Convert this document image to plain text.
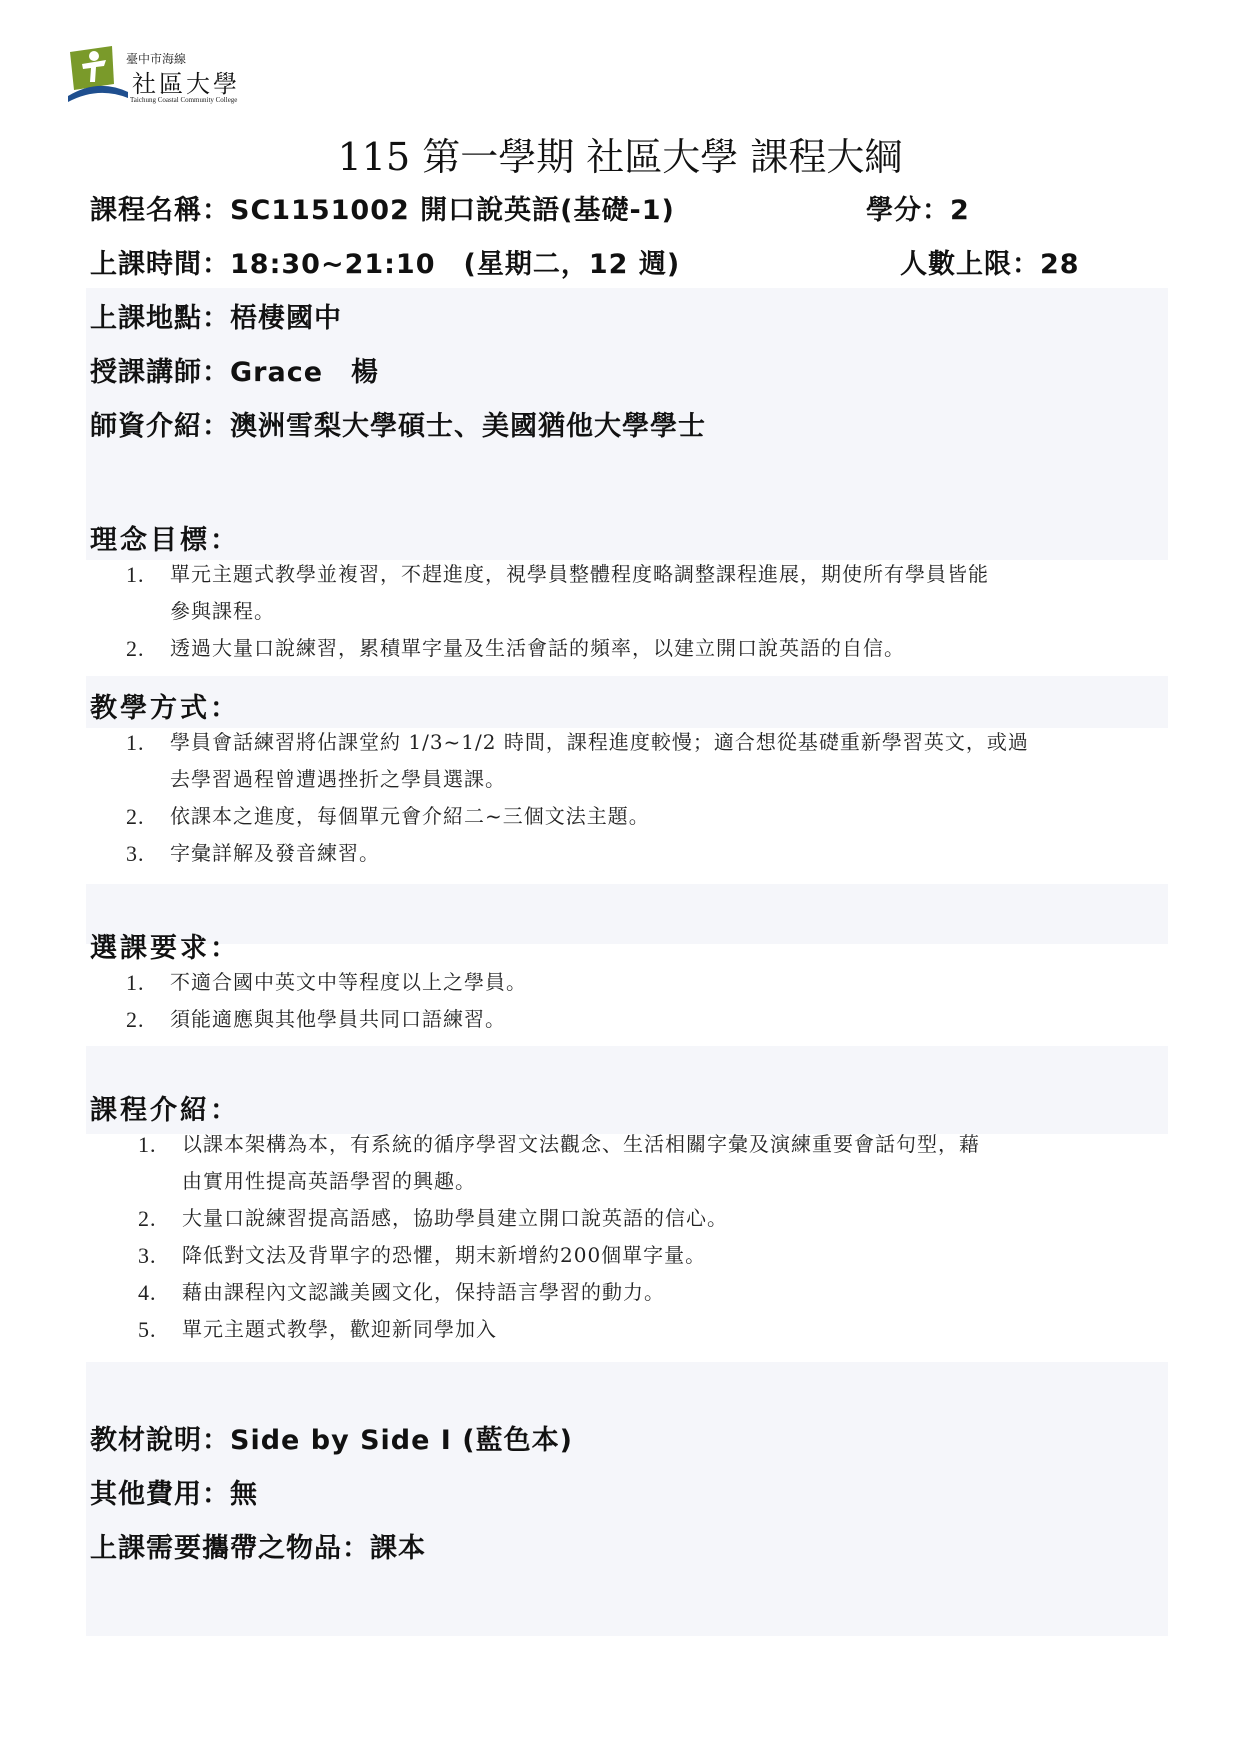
臺中市海線
社區大學
Taichung Coastal Community College
115 第一學期 社區大學 課程大綱
課程名稱：SC1151002 開口說英語(基礎-1)	學分：2
上課時間：18:30~21:10　(星期二，12 週)	人數上限：28
上課地點：梧棲國中
授課講師：Grace　楊
師資介紹：澳洲雪梨大學碩士、美國猶他大學學士
理念目標：
1. 單元主題式教學並複習，不趕進度，視學員整體程度略調整課程進展，期使所有學員皆能
參與課程。
2. 透過大量口說練習，累積單字量及生活會話的頻率，以建立開口說英語的自信。
教學方式：
1. 學員會話練習將佔課堂約 1/3~1/2 時間，課程進度較慢；適合想從基礎重新學習英文，或過
去學習過程曾遭遇挫折之學員選課。
2. 依課本之進度，每個單元會介紹二~三個文法主題。
3. 字彙詳解及發音練習。
選課要求：
1. 不適合國中英文中等程度以上之學員。
2. 須能適應與其他學員共同口語練習。
課程介紹：
1. 以課本架構為本，有系統的循序學習文法觀念、生活相關字彙及演練重要會話句型，藉
由實用性提高英語學習的興趣。
2. 大量口說練習提高語感，協助學員建立開口說英語的信心。
3. 降低對文法及背單字的恐懼，期末新增約200個單字量。
4. 藉由課程內文認識美國文化，保持語言學習的動力。
5. 單元主題式教學，歡迎新同學加入
教材說明：Side by Side I (藍色本)
其他費用：無
上課需要攜帶之物品：課本
